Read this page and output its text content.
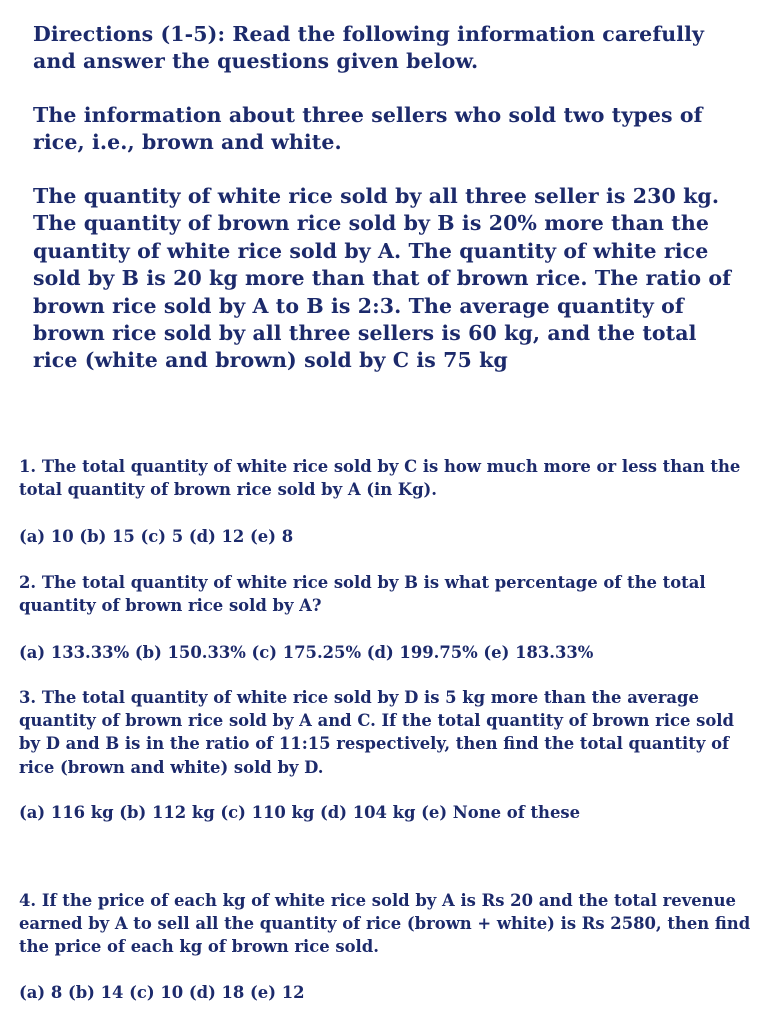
Directions (1-5): Read the following information carefully and answer the questions given below.

The information about three sellers who sold two types of rice, i.e., brown and white.

The quantity of white rice sold by all three seller is 230 kg. The quantity of brown rice sold by B is 20% more than the quantity of white rice sold by A. The quantity of white rice sold by B is 20 kg more than that of brown rice. The ratio of brown rice sold by A to B is 2:3. The average quantity of brown rice sold by all three sellers is 60 kg, and the total rice (white and brown) sold by C is 75 kg

1. The total quantity of white rice sold by C is how much more or less than the total quantity of brown rice sold by A (in Kg).

(a) 10 (b) 15 (c) 5 (d) 12 (e) 8

2. The total quantity of white rice sold by B is what percentage of the total quantity of brown rice sold by A?

(a) 133.33% (b) 150.33% (c) 175.25% (d) 199.75% (e) 183.33%

3. The total quantity of white rice sold by D is 5 kg more than the average quantity of brown rice sold by A and C. If the total quantity of brown rice sold by D and B is in the ratio of 11:15 respectively, then find the total quantity of rice (brown and white) sold by D.

(a) 116 kg (b) 112 kg (c) 110 kg (d) 104 kg (e) None of these

4. If the price of each kg of white rice sold by A is Rs 20 and the total revenue earned by A to sell all the quantity of rice (brown + white) is Rs 2580, then find the price of each kg of brown rice sold.

(a) 8 (b) 14 (c) 10 (d) 18 (e) 12
